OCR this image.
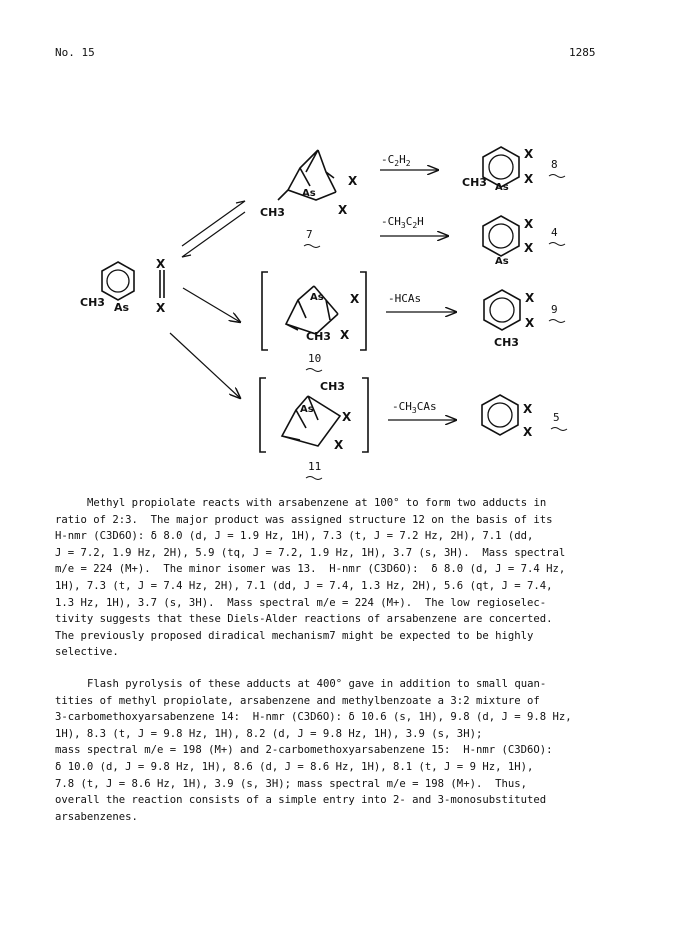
No. 15	1285
CH3 As
X
X
X
X
As
CH3
X
X
As
CH3
CH3
As
X
X
X
X
CH3 As
X
X
As
X
X
CH3
X
X
$-C_2H_2$
$-CH_3C_2H$
-HCAs
$-CH_3CAs$
7
10
11
8
4
9
5
Methyl propiolate reacts with arsabenzene at 100° to form two adducts in
ratio of 2:3.  The major product was assigned structure 12 on the basis of its
H-nmr (C3D6O): δ 8.0 (d, J = 1.9 Hz, 1H), 7.3 (t, J = 7.2 Hz, 2H), 7.1 (dd,
J = 7.2, 1.9 Hz, 2H), 5.9 (tq, J = 7.2, 1.9 Hz, 1H), 3.7 (s, 3H).  Mass spectral
m/e = 224 (M+).  The minor isomer was 13.  H-nmr (C3D6O):  δ 8.0 (d, J = 7.4 Hz,
1H), 7.3 (t, J = 7.4 Hz, 2H), 7.1 (dd, J = 7.4, 1.3 Hz, 2H), 5.6 (qt, J = 7.4,
1.3 Hz, 1H), 3.7 (s, 3H).  Mass spectral m/e = 224 (M+).  The low regioselec-
tivity suggests that these Diels-Alder reactions of arsabenzene are concerted.
The previously proposed diradical mechanism7 might be expected to be highly
selective.
Flash pyrolysis of these adducts at 400° gave in addition to small quan-
tities of methyl propiolate, arsabenzene and methylbenzoate a 3:2 mixture of
3-carbomethoxyarsabenzene 14:  H-nmr (C3D6O): δ 10.6 (s, 1H), 9.8 (d, J = 9.8 Hz,
1H), 8.3 (t, J = 9.8 Hz, 1H), 8.2 (d, J = 9.8 Hz, 1H), 3.9 (s, 3H);
mass spectral m/e = 198 (M+) and 2-carbomethoxyarsabenzene 15:  H-nmr (C3D6O):
δ 10.0 (d, J = 9.8 Hz, 1H), 8.6 (d, J = 8.6 Hz, 1H), 8.1 (t, J = 9 Hz, 1H),
7.8 (t, J = 8.6 Hz, 1H), 3.9 (s, 3H); mass spectral m/e = 198 (M+).  Thus,
overall the reaction consists of a simple entry into 2- and 3-monosubstituted
arsabenzenes.
